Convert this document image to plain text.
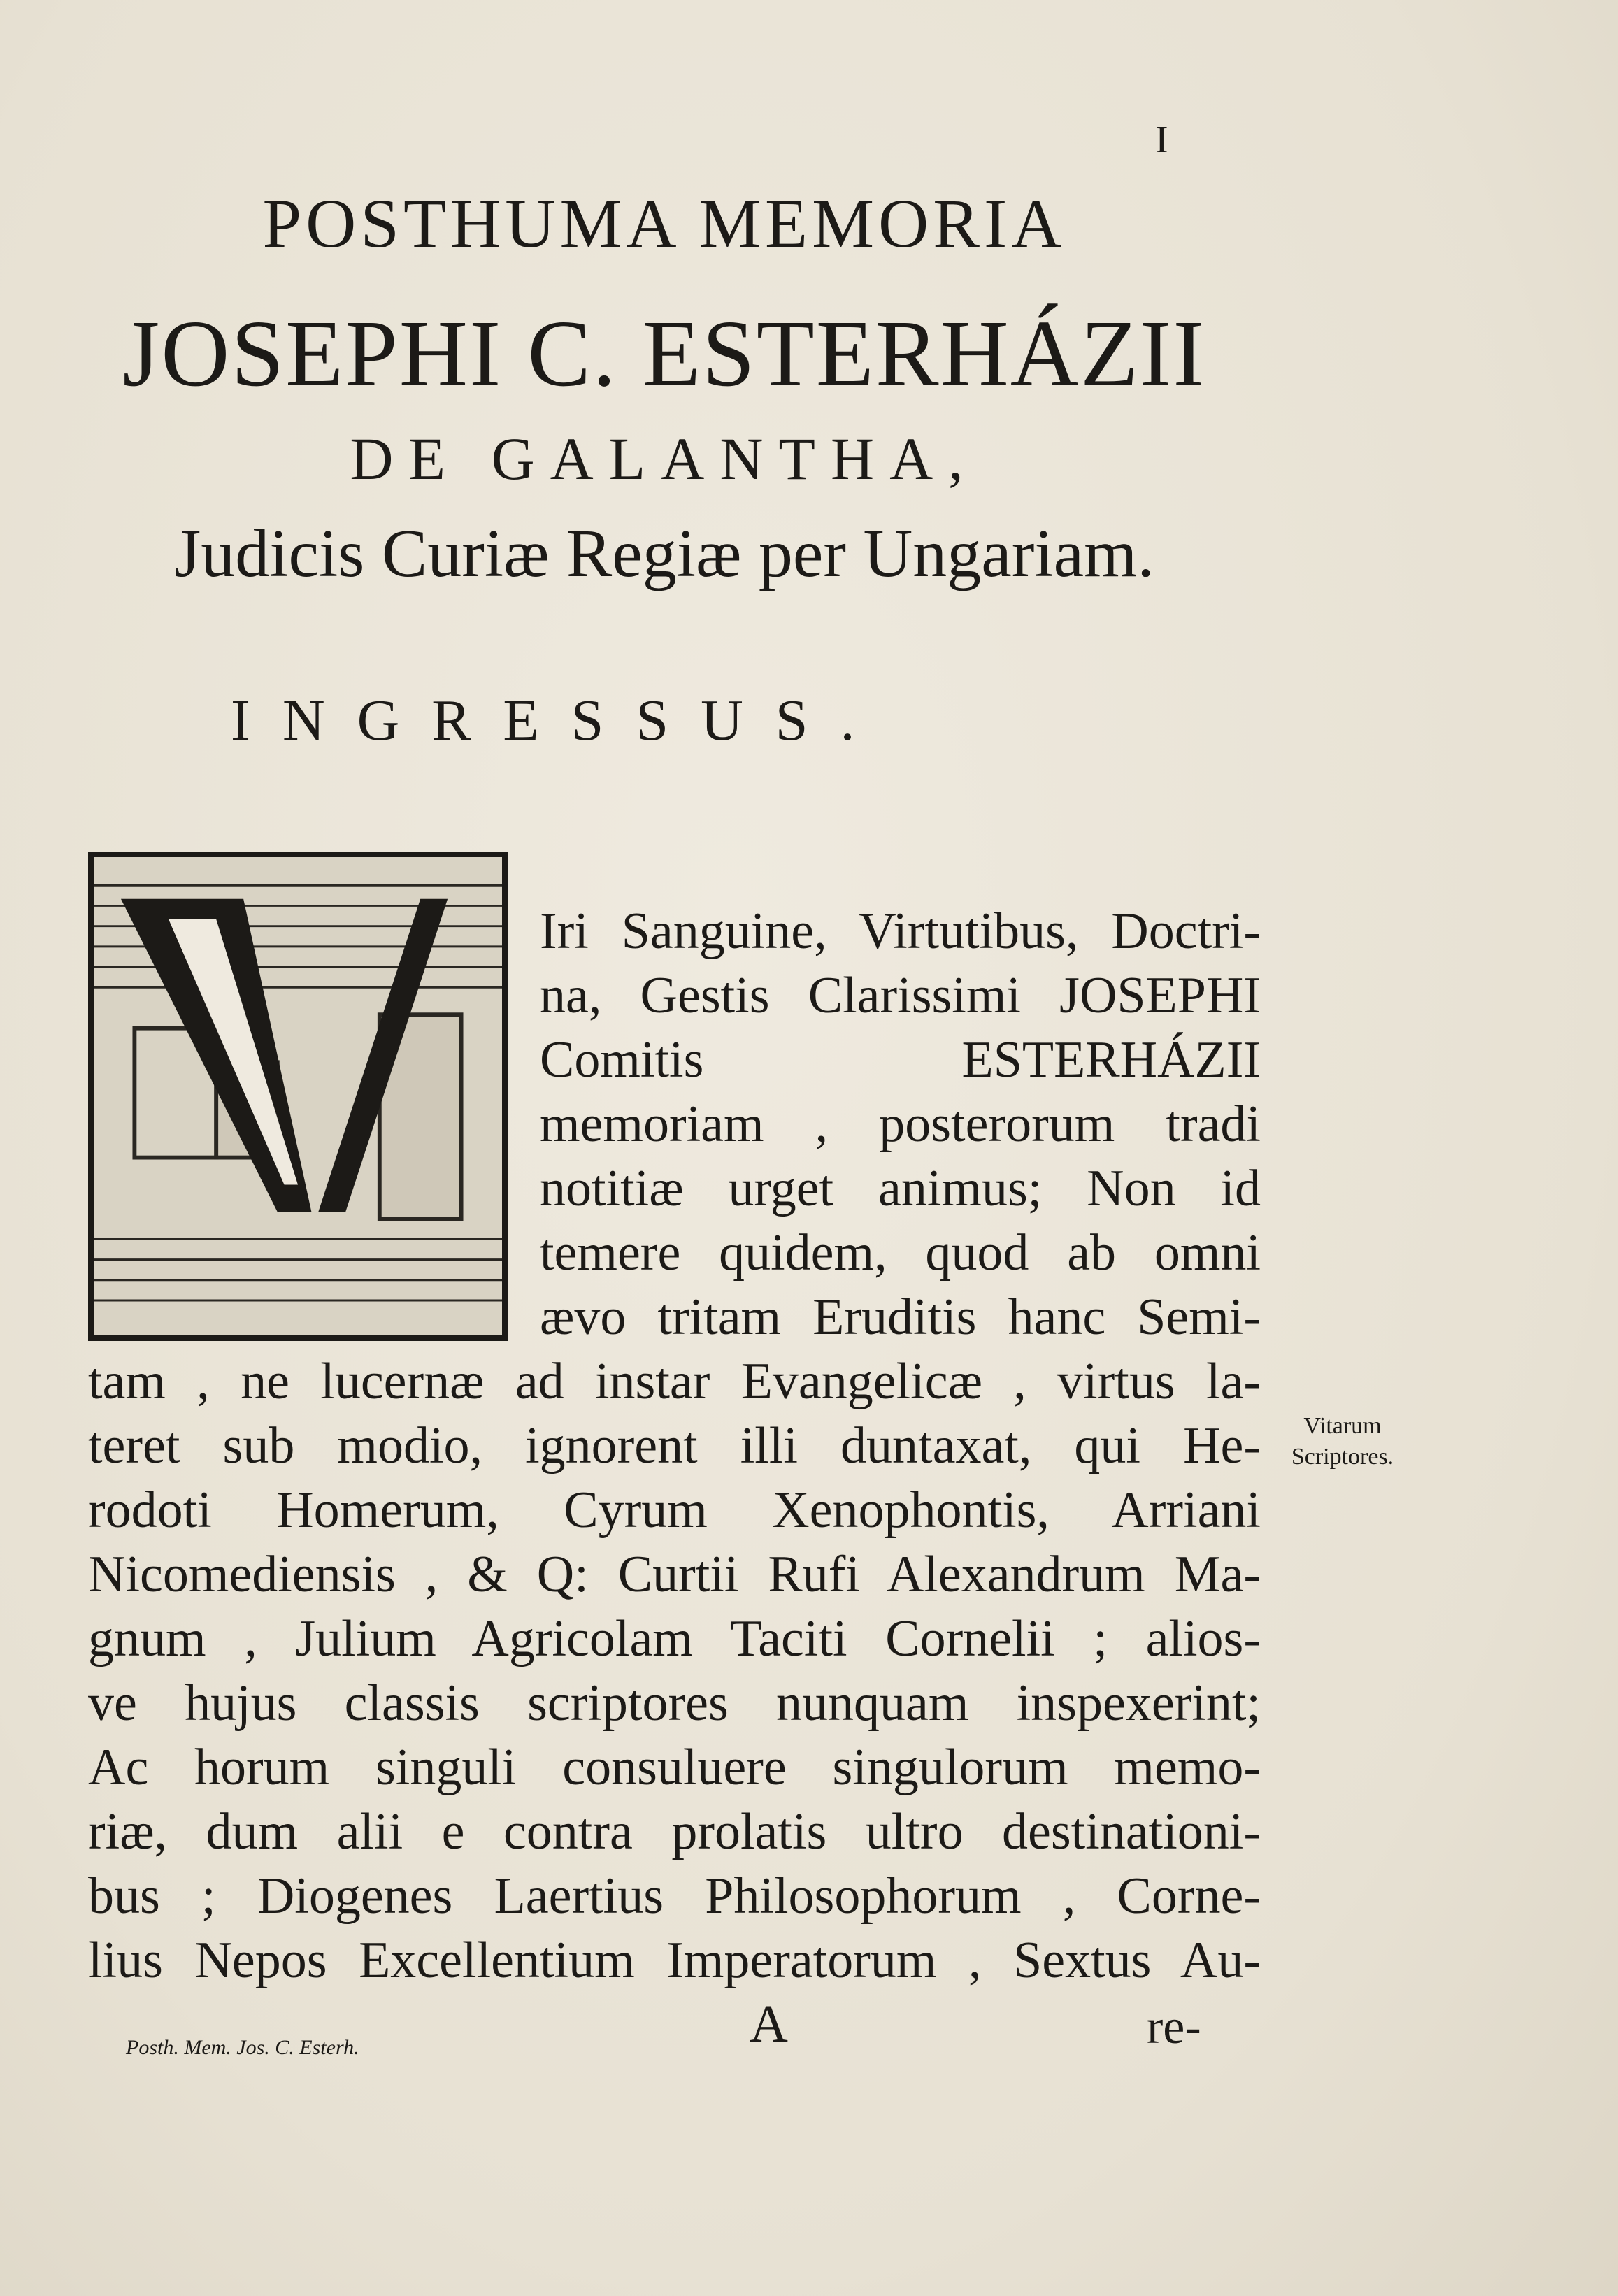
I
POSTHUMA MEMORIA
JOSEPHI C. ESTERHÁZII
DE GALANTHA,
Judicis Curiæ Regiæ per Ungariam.
INGRESSUS.
Iri Sanguine, Virtutibus, Doctri-
na, Gestis Clarissimi JOSEPHI
Comitis ESTERHÁZII
memoriam , posterorum tradi
notitiæ urget animus; Non id
temere quidem, quod ab omni
ævo tritam Eruditis hanc Semi-
tam , ne lucernæ ad instar Evangelicæ , virtus la-
teret sub modio, ignorent illi duntaxat, qui He-
rodoti Homerum, Cyrum Xenophontis, Arriani
Nicomediensis , & Q: Curtii Rufi Alexandrum Ma-
gnum , Julium Agricolam Taciti Cornelii ; alios-
ve hujus classis scriptores nunquam inspexerint;
Ac horum singuli consuluere singulorum memo-
riæ, dum alii e contra prolatis ultro destinationi-
bus ; Diogenes Laertius Philosophorum , Corne-
lius Nepos Excellentium Imperatorum , Sextus Au-
Vitarum
Scriptores.
Posth. Mem. Jos. C. Esterh.	A	re-
